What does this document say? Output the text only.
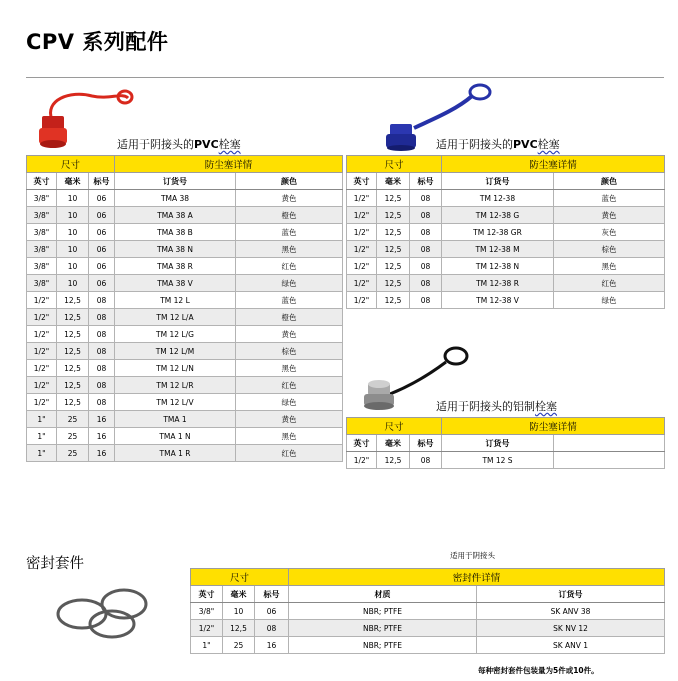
CPV 系列配件
适用于阴接头的PVC栓塞	适用于阴接头的PVC栓塞
尺寸			防尘塞详情	
英寸	毫米	标号	订货号	颜色
3/8"	10	06	TMA 38	黄色
3/8"	10	06	TMA 38 A	橙色
3/8"	10	06	TMA 38 B	蓝色
3/8"	10	06	TMA 38 N	黑色
3/8"	10	06	TMA 38 R	红色
3/8"	10	06	TMA 38 V	绿色
1/2"	12,5	08	TM 12 L	蓝色
1/2"	12,5	08	TM 12 L/A	橙色
1/2"	12,5	08	TM 12 L/G	黄色
1/2"	12,5	08	TM 12 L/M	棕色
1/2"	12,5	08	TM 12 L/N	黑色
1/2"	12,5	08	TM 12 L/R	红色
1/2"	12,5	08	TM 12 L/V	绿色
1"	25	16	TMA 1	黄色
1"	25	16	TMA 1 N	黑色
1"	25	16	TMA 1 R	红色
尺寸			防尘塞详情	
英寸	毫米	标号	订货号	颜色
1/2"	12,5	08	TM 12-38	蓝色
1/2"	12,5	08	TM 12-38 G	黄色
1/2"	12,5	08	TM 12-38 GR	灰色
1/2"	12,5	08	TM 12-38 M	棕色
1/2"	12,5	08	TM 12-38 N	黑色
1/2"	12,5	08	TM 12-38 R	红色
1/2"	12,5	08	TM 12-38 V	绿色
适用于阴接头的铝制栓塞
尺寸			防尘塞详情	
英寸	毫米	标号	订货号	
1/2"	12,5	08	TM 12 S	
密封套件
适用于阴接头
尺寸			密封件详情	
英寸	毫米	标号	材质	订货号
3/8"	10	06	NBR; PTFE	SK ANV 38
1/2"	12,5	08	NBR; PTFE	SK NV 12
1"	25	16	NBR; PTFE	SK ANV 1
每种密封套件包装量为5件或10件。
